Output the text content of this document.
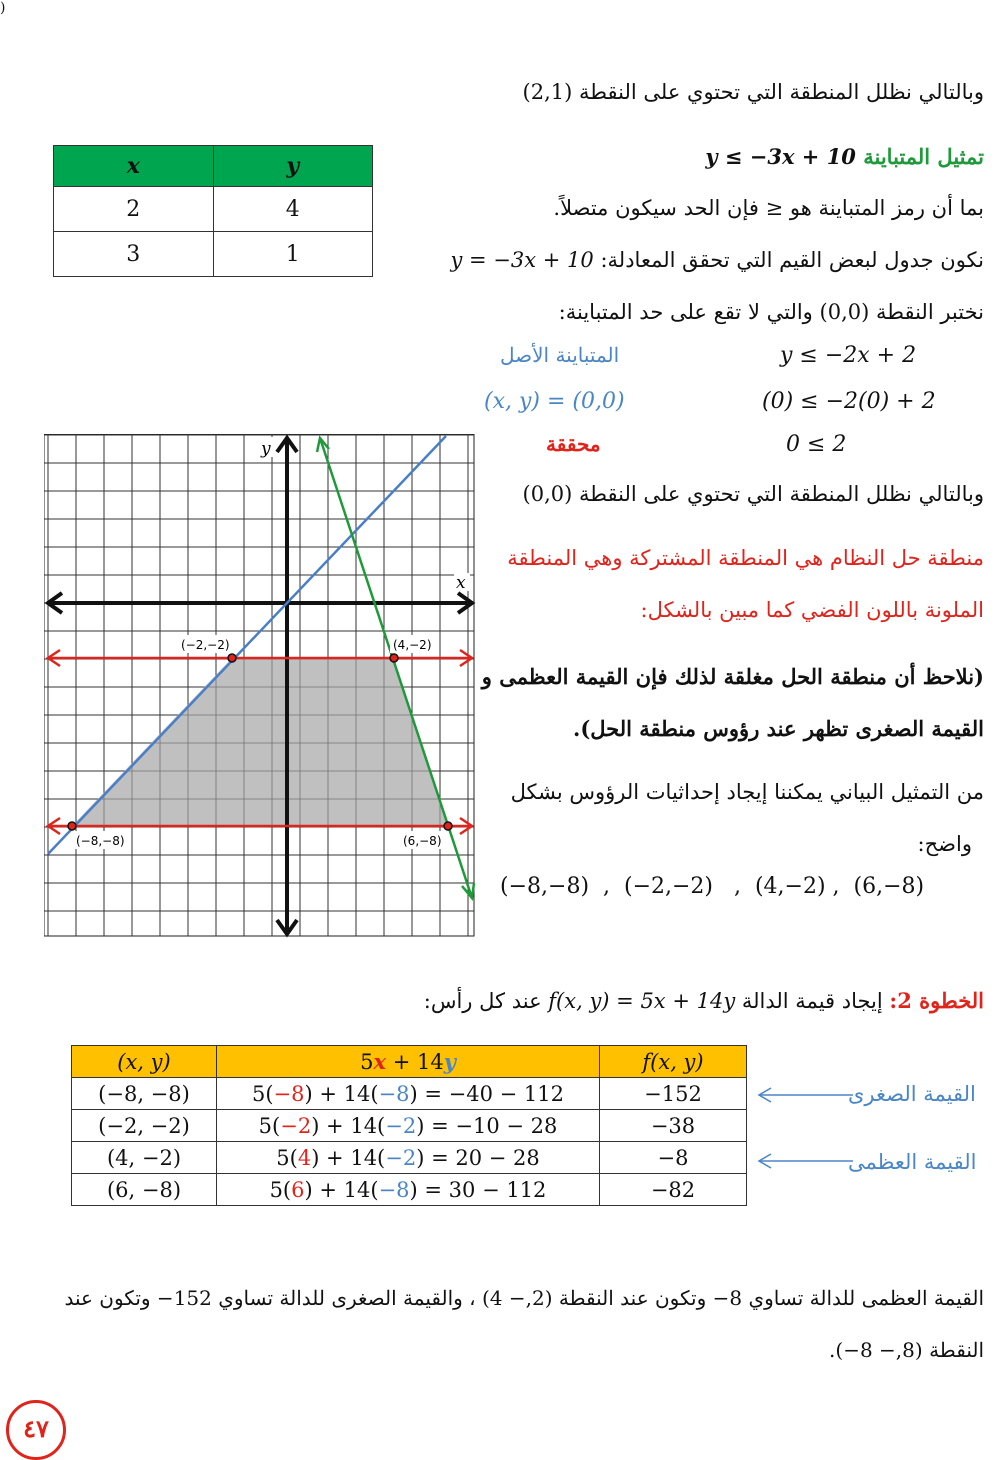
)
وبالتالي نظلل المنطقة التي تحتوي على النقطة (2,1)
تمثيل المتباينة y ≤ −3x + 10
x	y
2	4
3	1
بما أن رمز المتباينة هو ≤ فإن الحد سيكون متصلاً.
نكون جدول لبعض القيم التي تحقق المعادلة: y = −3x + 10
نختبر النقطة (0,0) والتي لا تقع على حد المتباينة:
المتباينة الأصل	y ≤ −2x + 2
(x, y) = (0,0)	(0) ≤ −2(0) + 2
محققة	0 ≤ 2
(−2,−2)	(4,−2)
(−8,−8)	(6,−8)
x
y
وبالتالي نظلل المنطقة التي تحتوي على النقطة (0,0)
منطقة حل النظام هي المنطقة المشتركة وهي المنطقة
الملونة باللون الفضي كما مبين بالشكل:
(نلاحظ أن منطقة الحل مغلقة لذلك فإن القيمة العظمى و
القيمة الصغرى تظهر عند رؤوس منطقة الحل).
من التمثيل البياني يمكننا إيجاد إحداثيات الرؤوس بشكل
واضح:
(−8,−8)  ,  (−2,−2)   ,  (4,−2) ,  (6,−8)
الخطوة 2: إيجاد قيمة الدالة f(x, y) = 5x + 14y عند كل رأس:
(x, y)	5x + 14y	f(x, y)
(−8, −8)	5(−8) + 14(−8) = −40 − 112	−152
(−2, −2)	5(−2) + 14(−2) = −10 − 28	−38
(4, −2)	5(4) + 14(−2) = 20 − 28	−8
(6, −8)	5(6) + 14(−8) = 30 − 112	−82
القيمة الصغرى
القيمة العظمى
القيمة العظمى للدالة تساوي 8− وتكون عند النقطة (2,− 4) ، والقيمة الصغرى للدالة تساوي 152− وتكون عند
النقطة (8,− 8−).
٤٧
